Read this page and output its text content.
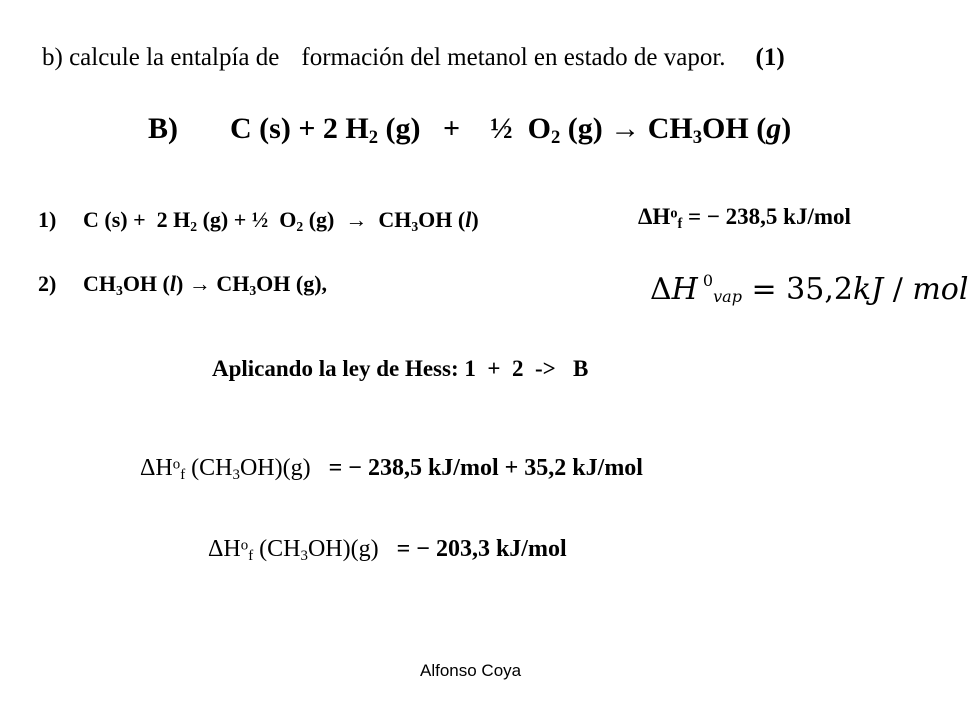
b) calcule la entalpía de formación del metanol en estado de vapor. (1)
B) C (s) + 2 $H_2$ (g)   +    ½  $O_2$ $(g) \to CH_3OH$ (g)
1) C (s) +  2 $H_2$ (g) + ½  $O_2$ $(g) \to CH_3OH$ (l)	$\Delta H^o_f$ = − 238,5 kJ/mol
2) $CH_3OH$ $(l) \to CH_3OH$ (g),	ΔH $^0$vap = 35,2kJ / mol
Aplicando la ley de Hess: 1  +  2  ->   B
$\Delta H^o_f$ $(CH_3OH)(g)$ = − 238,5 kJ/mol + 35,2 kJ/mol
$\Delta H^o_f$ $(CH_3OH)(g)$ = − 203,3 kJ/mol
Alfonso Coya
